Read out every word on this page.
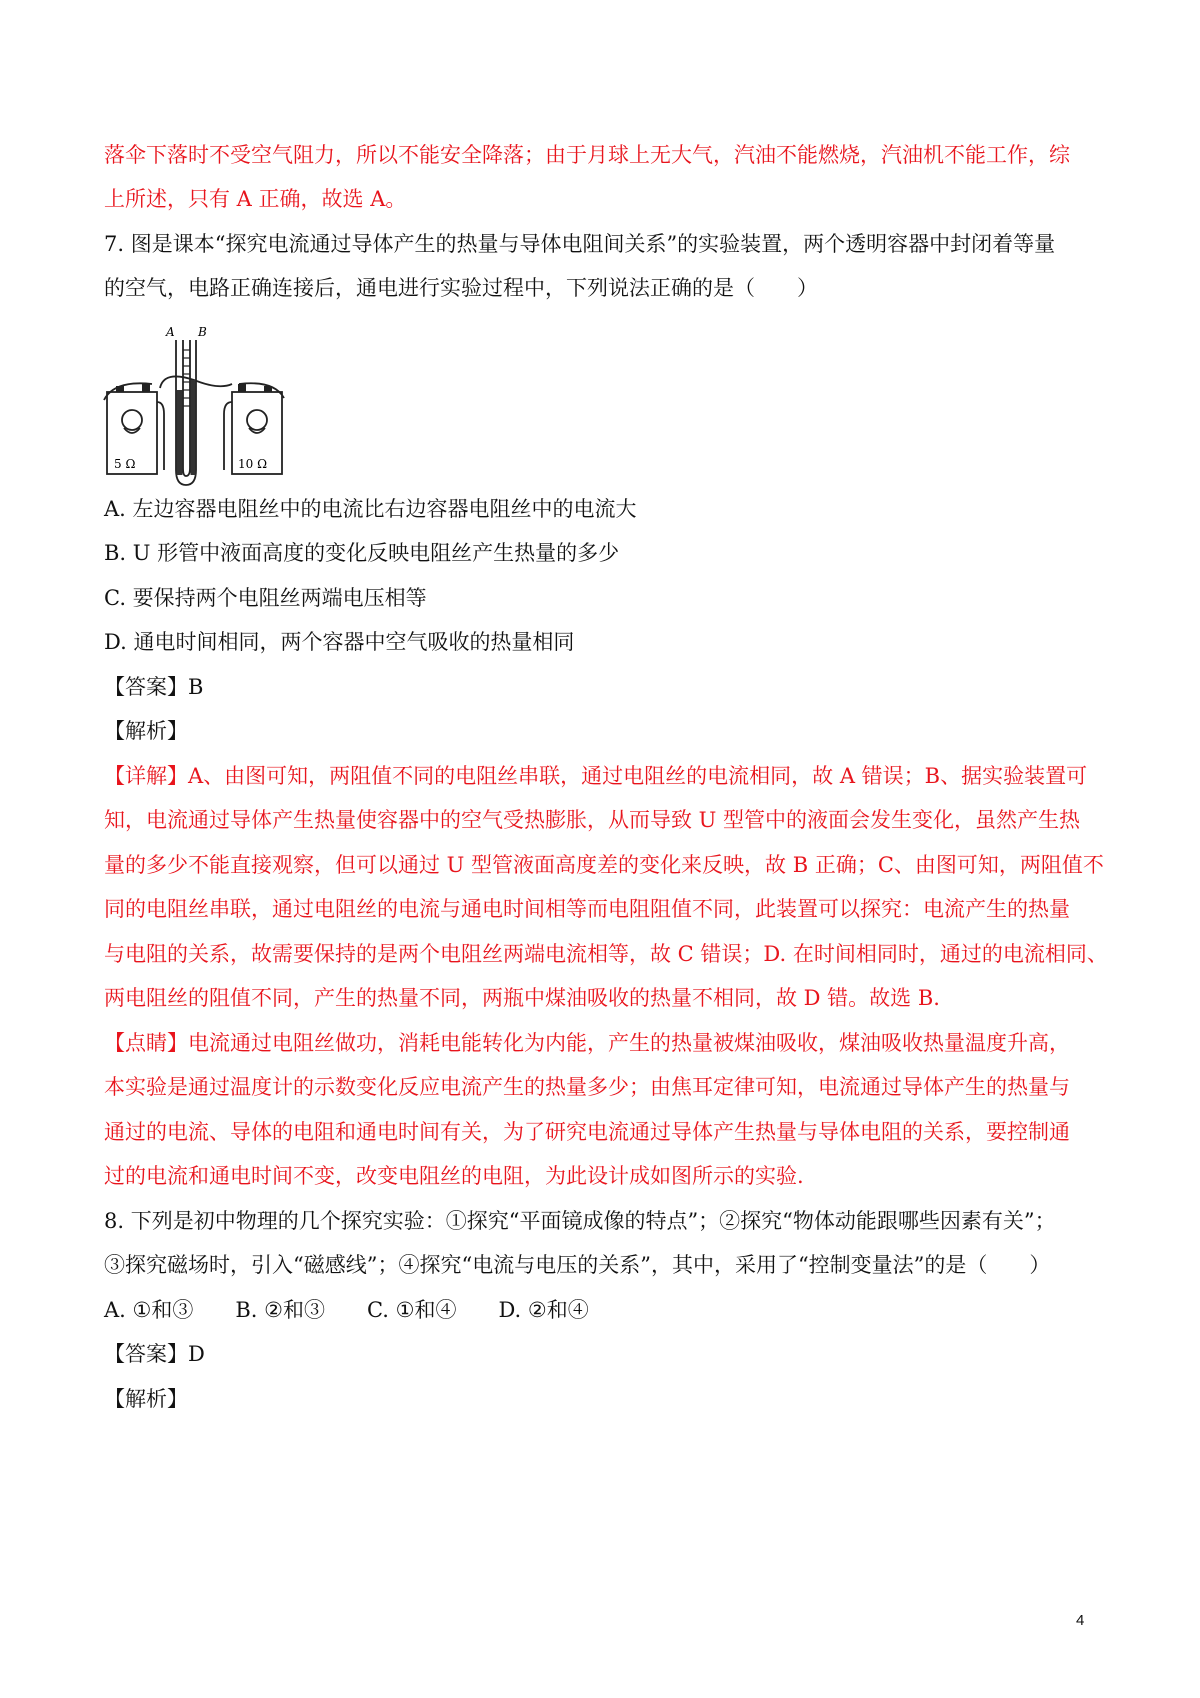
落伞下落时不受空气阻力，所以不能安全降落；由于月球上无大气，汽油不能燃烧，汽油机不能工作，综
上所述，只有 A 正确，故选 A。
7. 图是课本“探究电流通过导体产生的热量与导体电阻间关系”的实验装置，两个透明容器中封闭着等量
的空气，电路正确连接后，通电进行实验过程中，下列说法正确的是（　　）
A B
5 Ω	10 Ω
A. 左边容器电阻丝中的电流比右边容器电阻丝中的电流大
B. U 形管中液面高度的变化反映电阻丝产生热量的多少
C. 要保持两个电阻丝两端电压相等
D. 通电时间相同，两个容器中空气吸收的热量相同
【答案】B
【解析】
【详解】A、由图可知，两阻值不同的电阻丝串联，通过电阻丝的电流相同，故 A 错误；B、据实验装置可
知，电流通过导体产生热量使容器中的空气受热膨胀，从而导致 U 型管中的液面会发生变化，虽然产生热
量的多少不能直接观察，但可以通过 U 型管液面高度差的变化来反映，故 B 正确；C、由图可知，两阻值不
同的电阻丝串联，通过电阻丝的电流与通电时间相等而电阻阻值不同，此装置可以探究：电流产生的热量
与电阻的关系，故需要保持的是两个电阻丝两端电流相等，故 C 错误；D. 在时间相同时，通过的电流相同、
两电阻丝的阻值不同，产生的热量不同，两瓶中煤油吸收的热量不相同，故 D 错。故选 B.
【点睛】电流通过电阻丝做功，消耗电能转化为内能，产生的热量被煤油吸收，煤油吸收热量温度升高，
本实验是通过温度计的示数变化反应电流产生的热量多少；由焦耳定律可知，电流通过导体产生的热量与
通过的电流、导体的电阻和通电时间有关，为了研究电流通过导体产生热量与导体电阻的关系，要控制通
过的电流和通电时间不变，改变电阻丝的电阻，为此设计成如图所示的实验.
8. 下列是初中物理的几个探究实验：①探究“平面镜成像的特点”；②探究“物体动能跟哪些因素有关”；
③探究磁场时，引入“磁感线”；④探究“电流与电压的关系”，其中，采用了“控制变量法”的是（　　）
A. ①和③　　B. ②和③　　C. ①和④　　D. ②和④
【答案】D
【解析】
4
